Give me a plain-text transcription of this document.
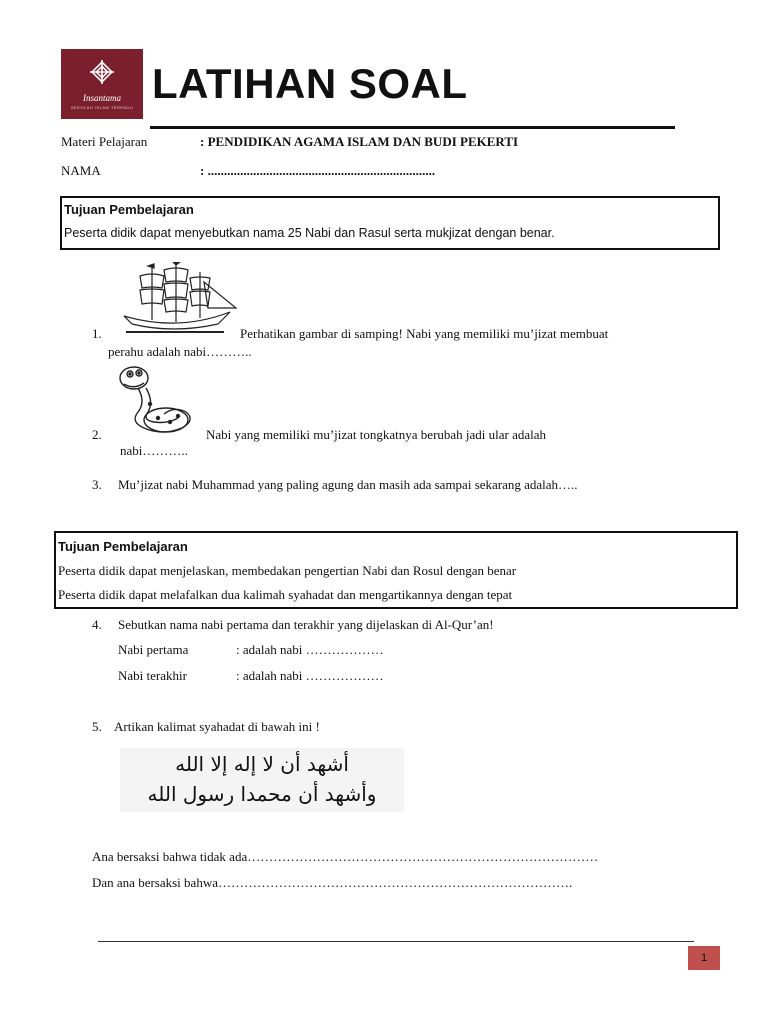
Insantama
SEKOLAH ISLAM TERPADU
LATIHAN SOAL
Materi Pelajaran	: PENDIDIKAN AGAMA ISLAM DAN BUDI PEKERTI
NAMA	: ......................................................................
Tujuan Pembelajaran
Peserta didik dapat menyebutkan nama 25 Nabi dan Rasul serta mukjizat dengan benar.
1.	Perhatikan gambar di samping! Nabi yang memiliki mu’jizat membuat
perahu adalah nabi………..
2.	Nabi yang memiliki mu’jizat tongkatnya berubah jadi ular adalah
nabi………..
3. Mu’jizat nabi Muhammad yang paling agung dan masih ada sampai sekarang adalah…..
Tujuan Pembelajaran
Peserta didik dapat menjelaskan, membedakan pengertian Nabi dan Rosul dengan benar
Peserta didik dapat melafalkan dua kalimah syahadat dan mengartikannya dengan tepat
4. Sebutkan nama nabi pertama dan terakhir yang dijelaskan di Al-Qur’an!
Nabi pertama	: adalah nabi ………………
Nabi terakhir	: adalah nabi ………………
5. Artikan kalimat syahadat di bawah ini !
أشهد أن لا إله إلا الله
وأشهد أن محمدا رسول الله
Ana bersaksi bahwa tidak ada………………………………………………………………………
Dan ana bersaksi bahwa……………………………………………………………………….
1
